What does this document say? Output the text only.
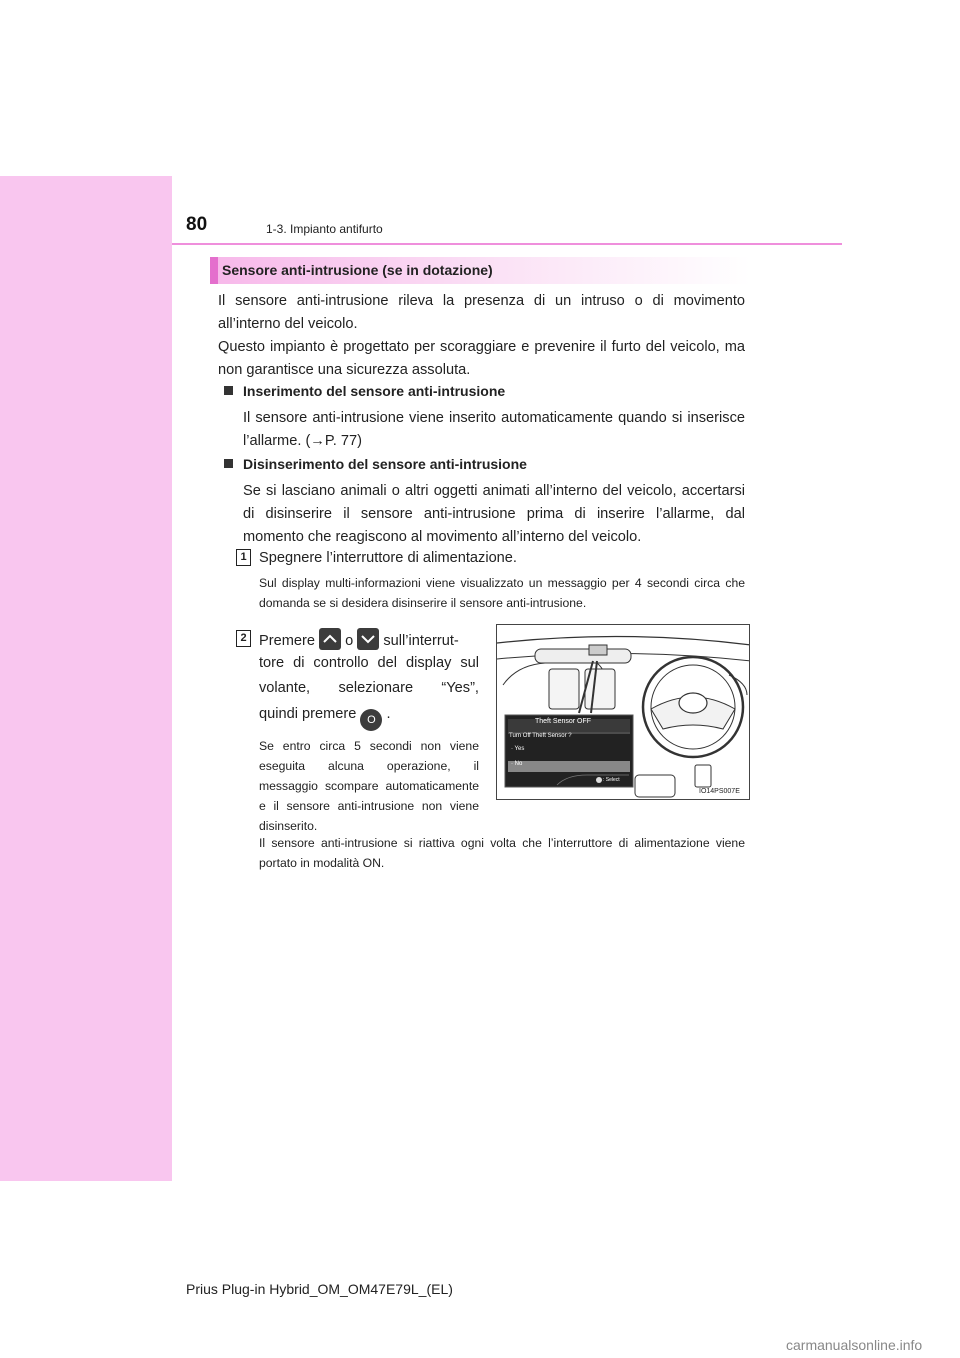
80	1-3. Impianto antifurto
Sensore anti-intrusione (se in dotazione)

Il sensore anti-intrusione rileva la presenza di un intruso o di movimento all’interno del veicolo.

Questo impianto è progettato per scoraggiare e prevenire il furto del veicolo, ma non garantisce una sicurezza assoluta.

Inserimento del sensore anti-intrusione

Il sensore anti-intrusione viene inserito automaticamente quando si inserisce l’allarme. (→P. 77)

Disinserimento del sensore anti-intrusione

Se si lasciano animali o altri oggetti animati all’interno del veicolo, accertarsi di disinserire il sensore anti-intrusione prima di inserire l’allarme, dal momento che reagiscono al movimento all’interno del veicolo.

1 Spegnere l’interruttore di alimentazione.

Sul display multi-informazioni viene visualizzato un messaggio per 4 secondi circa che domanda se si desidera disinserire il sensore anti-intrusione.

2 Premere o sull’interrut-
tore di controllo del display sul
volante, selezionare “Yes”,
quindi premere O .

Se entro circa 5 secondi non viene eseguita alcuna operazione, il messaggio scompare automaticamente e il sensore anti-intrusione non viene disinserito.

Il sensore anti-intrusione si riattiva ogni volta che l’interruttore di alimentazione viene portato in modalità ON.

Theft Sensor OFF
Turn Off Theft Sensor ?
· Yes
· No
: Select
IO14PS007E
Prius Plug-in Hybrid_OM_OM47E79L_(EL)
carmanualsonline.info
